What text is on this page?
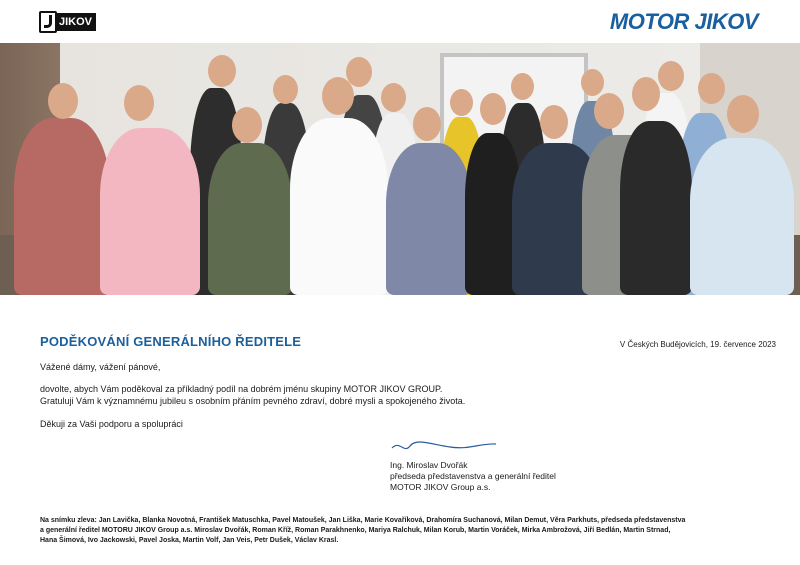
JIKOV	MOTOR JIKOV
PODĚKOVÁNÍ GENERÁLNÍHO ŘEDITELE	V Českých Budějovicích, 19. července 2023
Vážené dámy, vážení pánové,
dovolte, abych Vám poděkoval za příkladný podíl na dobrém jménu skupiny MOTOR JIKOV GROUP.
Gratuluji Vám k významnému jubileu s osobním přáním pevného zdraví, dobré mysli a spokojeného života.
Děkuji za Vaši podporu a spolupráci
Ing. Miroslav Dvořák
předseda představenstva a generální ředitel
MOTOR JIKOV Group a.s.
Na snímku zleva: Jan Lavička, Blanka Novotná, František Matuschka, Pavel Matoušek, Jan Liška, Marie Kovaříková, Drahomíra Suchanová, Milan Demut, Věra Parkhuts, předseda představenstva
a generální ředitel MOTORU JIKOV Group a.s. Miroslav Dvořák, Roman Kříž, Roman Parakhnenko, Mariya Ralchuk, Milan Korub, Martin Voráček, Mirka Ambrožová, Jiří Bedlán, Martin Strnad,
Hana Šimová, Ivo Jackowski, Pavel Joska, Martin Volf, Jan Veis, Petr Dušek, Václav Krasl.
